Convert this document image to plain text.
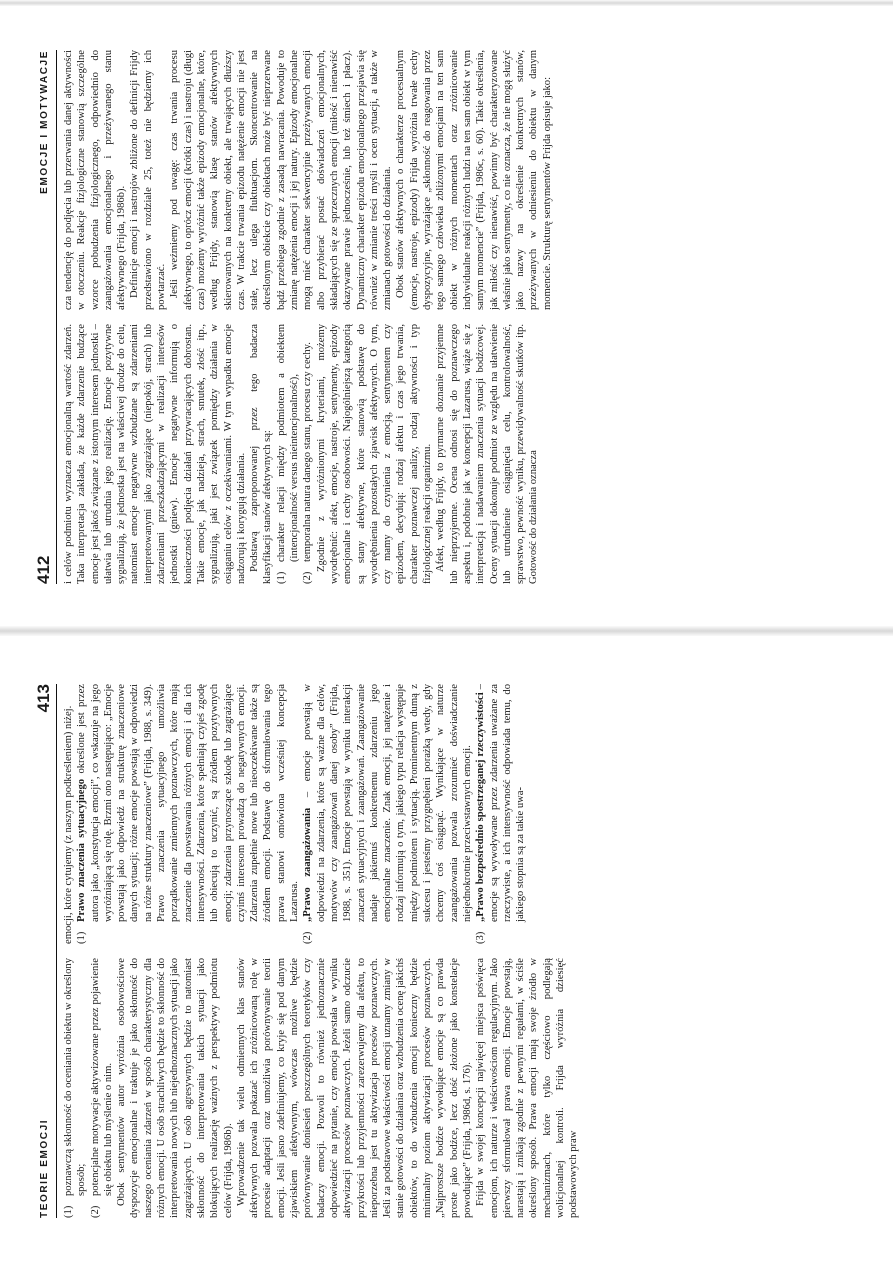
412
EMOCJE I MOTYWACJE

i celów podmiotu wyznacza emocjonalną wartość zdarzeń. Taka interpretacja zakłada, że każde zdarzenie budzące emocje jest jakoś związane z istotnym interesem jednostki – ułatwia lub utrudnia jego realizację. Emocje pozytywne sygnalizują, że jednostka jest na właściwej drodze do celu, natomiast emocje negatywne wzbudzane są zdarzeniami interpretowanymi jako zagrażające (niepokój, strach) lub zdarzeniami przeszkadzającymi w realizacji interesów jednostki (gniew). Emocje negatywne informują o konieczności podjęcia działań przywracających dobrostan. Takie emocje, jak nadzieja, strach, smutek, złość itp., sygnalizują, jaki jest związek pomiędzy działania w osiąganiu celów z oczekiwaniami. W tym wypadku emocje nadzorują i korygują działania. Podstawą zaproponowanej przez tego badacza klasyfikacji stanów afektywnych są: (1)
charakter relacji między podmiotem a obiektem (intencjonalność versus nieintencjonalność),
(2)
temporalna natura danego stanu, procesu czy cechy. Zgodnie z wyróżnionymi kryteriami, możemy wyodrębnić: afekt, emocje, nastroje, sentymenty, epizody emocjonalne i cechy osobowości. Najogólniejszą kategorią są stany afektywne, które stanowią podstawę do wyodrębnienia pozostałych zjawisk afektywnych. O tym, czy mamy do czynienia z emocją, sentymentem czy epizodem, decydują: rodzaj afektu i czas jego trwania, charakter poznawczej analizy, rodzaj aktywności i typ fizjologicznej reakcji organizmu. Afekt, według Frijdy, to pyrmarne doznanie przyjemne lub nieprzyjemne. Ocena odnosi się do poznawczego aspektu i, podobnie jak w koncepcji Lazarusa, wiąże się z interpretacją i nadawaniem znaczenia sytuacji bodźcowej. Oceny sytuacji dokonuje podmiot ze względu na ułatwienie lub utrudnienie osiągnięcia celu, kontrolowalność, sprawstwo, pewność wyniku, przewidywalność skutków itp. Gotowość do działania oznacza

cza tendencję do podjęcia lub przerwania danej aktywności w otoczeniu. Reakcje fizjologiczne stanowią szczególne wzorce pobudzenia fizjologicznego, odpowiednio do zaangażowania emocjonalnego i przeżywanego stanu afektywnego (Frijda, 1986b). Definicje emocji i nastrojów zbliżone do definicji Frijdy przedstawiono w rozdziale 25, toteż nie będziemy ich powtarzać. Jeśli weźmiemy pod uwagę: czas trwania procesu afektywnego, to oprócz emocji (krótki czas) i nastroju (długi czas) możemy wyróżnić także epizody emocjonalne, które, według Frijdy, stanowią klasę stanów afektywnych skierowanych na konkretny obiekt, ale trwających dłuższy czas. W trakcie trwania epizodu natężenie emocji nie jest stałe, lecz ulega fluktuacjom. Skoncentrowanie na określonym obiekcie czy obiektach może być nieprzerwane bądź przebiega zgodnie z zasadą nawracania. Powoduje to zmianę natężenia emocji i jej natury. Epizody emocjonalne mogą mieć charakter sekwencyjnie przeżywanych emocji albo przybierać postać doświadczeń emocjonalnych, składających się ze sprzecznych emocji (miłość i nienawiść okazywane prawie jednocześnie, lub też śmiech i płacz). Dynamiczny charakter epizodu emocjonalnego przejawia się również w zmianie treści myśli i ocen sytuacji, a także w zmianach gotowości do działania. Obok stanów afektywnych o charakterze procesualnym (emocje, nastroje, epizody) Frijda wyróżnia trwałe cechy dyspozycyjne, wyrażające „skłonność do reagowania przez tego samego człowieka zbliżonymi emocjami na ten sam obiekt w różnych momentach oraz zróżnicowanie indywidualne reakcji różnych ludzi na ten sam obiekt w tym samym momencie” (Frijda, 1986c, s. 60). Takie określenia, jak miłość czy nienawiść, powinny być charakteryzowane właśnie jako sentymenty, co nie oznacza, że nie mogą służyć jako nazwy na określenie konkretnych stanów, przeżywanych w odniesieniu do obiektu w danym momencie. Strukturę sentymentów Frijda opisuje jako:

TEORIE EMOCJI
413
(1)
poznawczą skłonność do oceniania obiektu w określony sposób;
(2)
potencjalne motywacje aktywizowane przez pojawienie się obiektu lub myślenie o nim. Obok sentymentów autor wyróżnia osobowościowe dyspozycje emocjonalne i traktuje je jako skłonność do naszego oceniania zdarzeń w sposób charakterystyczny dla różnych emocji. U osób strachliwych będzie to skłonność do interpretowania nowych lub niejednoznacznych sytuacji jako zagrażających. U osób agresywnych będzie to natomiast skłonność do interpretowania takich sytuacji jako blokujących realizację ważnych z perspektywy podmiotu celów (Frijda, 1986b). Wprowadzenie tak wielu odmiennych klas stanów afektywnych pozwala pokazać ich zróżnicowaną rolę w procesie adaptacji oraz umożliwia porównywanie teorii emocji. Jeśli jasno zdefiniujemy, co kryje się pod danym zjawiskiem afektywnym, wówczas możliwe będzie porównywanie doniesień poszczególnych teoretyków czy badaczy emocji. Pozwoli to również jednoznacznie odpowiedzieć na pytanie, czy emocja powstała w wyniku aktywizacji procesów poznawczych. Jeżeli samo odczucie przykrości lub przyjemności zarezerwujemy dla afektu, to nieporzebna jest tu aktywizacja procesów poznawczych. Jeśli za podstawowe właściwości emocji uznamy zmiany w stanie gotowości do działania oraz wzbudzenia ocenę jakichś obiektów, to do wzbudzenia emocji konieczny będzie minimalny poziom aktywizacji procesów poznawczych. „Najprostsze bodźce wywołujące emocje są co prawda proste jako bodźce, lecz dość złożone jako konstelacje powodujące” (Frijda, 1986d, s. 176). Frijda w swojej koncepcji najwięcej miejsca poświęca emocjom, ich naturze i właściwościom regulacyjnym. Jako pierwszy sformułował prawa emocji. Emocje powstają, narastają i znikają zgodnie z pewnymi regułami, w ściśle określony sposób. Prawa emocji mają swoje źródło w mechanizmach, które tylko częściowo podlegają wolicjonalnej kontroli. Frijda wyróżnia dziesięć podstawowych praw

emocji, które cytujemy (z naszym podkreśleniem) niżej. (1)
Prawo znaczenia sytuacyjnego określone jest przez autora jako „konstytucja emocji”, co wskazuje na jego wyróżniającą się rolę. Brzmi ono następująco: „Emocje powstają jako odpowiedź na strukturę znaczeniowe danych sytuacji; różne emocje powstają w odpowiedzi na różne struktury znaczeniowe” (Frijda, 1988, s. 349). Prawo znaczenia sytuacyjnego umożliwia porządkowanie zmiennych poznawczych, które mają znaczenie dla powstawania różnych emocji i dla ich intensywności. Zdarzenia, które spełniają czyjeś zgodę lub obiecują to uczynić, są źródłem pozytywnych emocji; zdarzenia przynoszące szkodę lub zagrażające czyimś interesom prowadzą do negatywnych emocji. Zdarzenia zupełnie nowe lub nieoczekiwane także są źródłem emocji. Podstawę do sformułowania tego prawa stanowi omówiona wcześniej koncepcja Lazarusa.
(2)
„Prawo zaangażowania – emocje powstają w odpowiedzi na zdarzenia, które są ważne dla celów, motywów czy zaangażowań danej osoby” (Frijda, 1988, s. 351). Emocje powstają w wyniku interakcji znaczeń sytuacyjnych i zaangażowań. Zaangażowanie nadaje jakiemuś konkretnemu zdarzeniu jego emocjonalne znaczenie. Znak emocji, jej natężenie i rodzaj informują o tym, jakiego typu relacja występuje między podmiotem i sytuacją. Prominentnym dumą z sukcesu i jesteśmy przygnębieni porażką wtedy, gdy chcemy coś osiągnąć. Wynikające w naturze zaangażowania pozwala zrozumieć doświadczanie niejednokrotnie przeciwstawnych emocji.
(3)
„Prawo bezpośrednio spostrzeganej rzeczywistości – emocje są wywoływane przez zdarzenia uważane za rzeczywiste, a ich intensywność odpowiada temu, do jakiego stopnia są za takie uwa-
